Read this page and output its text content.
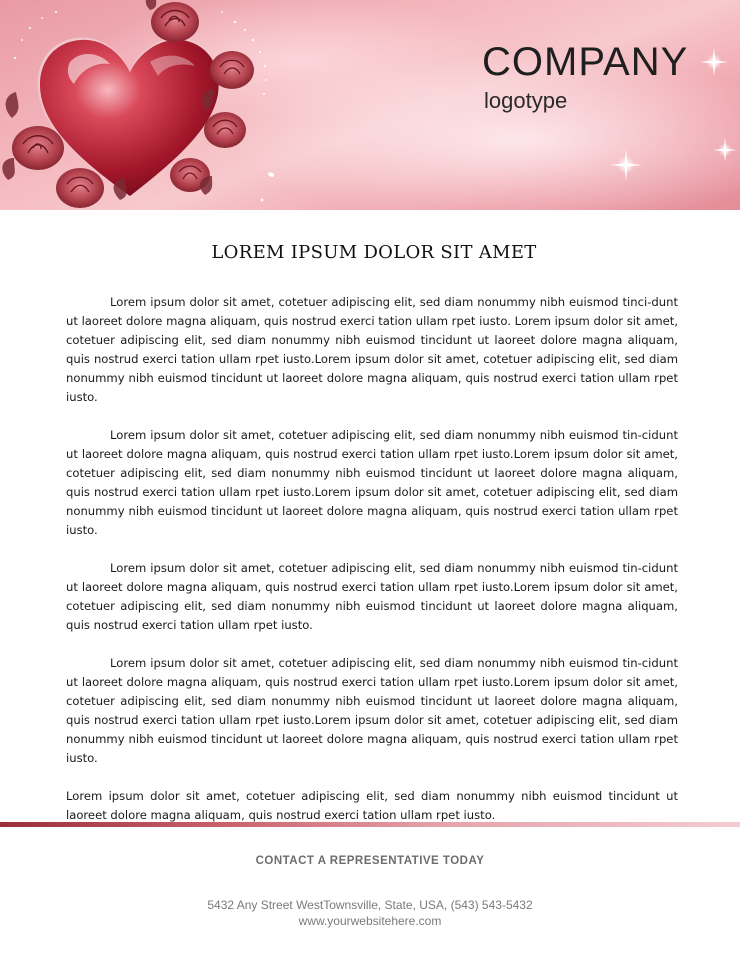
COMPANY
logotype
LOREM IPSUM DOLOR SIT AMET

Lorem ipsum dolor sit amet, cotetuer adipiscing elit, sed diam nonummy nibh euismod tinci-dunt ut laoreet dolore magna aliquam, quis nostrud exerci tation ullam rpet iusto. Lorem ipsum dolor sit amet, cotetuer adipiscing elit, sed diam nonummy nibh euismod tincidunt ut laoreet dolore magna aliquam, quis nostrud exerci tation ullam rpet iusto.Lorem ipsum dolor sit amet, cotetuer adipiscing elit, sed diam nonummy nibh euismod tincidunt ut laoreet dolore magna aliquam, quis nostrud exerci tation ullam rpet iusto.

Lorem ipsum dolor sit amet, cotetuer adipiscing elit, sed diam nonummy nibh euismod tin-cidunt ut laoreet dolore magna aliquam, quis nostrud exerci tation ullam rpet iusto.Lorem ipsum dolor sit amet, cotetuer adipiscing elit, sed diam nonummy nibh euismod tincidunt ut laoreet dolore magna aliquam, quis nostrud exerci tation ullam rpet iusto.Lorem ipsum dolor sit amet, cotetuer adipiscing elit, sed diam nonummy nibh euismod tincidunt ut laoreet dolore magna aliquam, quis nostrud exerci tation ullam rpet iusto.

Lorem ipsum dolor sit amet, cotetuer adipiscing elit, sed diam nonummy nibh euismod tin-cidunt ut laoreet dolore magna aliquam, quis nostrud exerci tation ullam rpet iusto.Lorem ipsum dolor sit amet, cotetuer adipiscing elit, sed diam nonummy nibh euismod tincidunt ut laoreet dolore magna aliquam, quis nostrud exerci tation ullam rpet iusto.

Lorem ipsum dolor sit amet, cotetuer adipiscing elit, sed diam nonummy nibh euismod tin-cidunt ut laoreet dolore magna aliquam, quis nostrud exerci tation ullam rpet iusto.Lorem ipsum dolor sit amet, cotetuer adipiscing elit, sed diam nonummy nibh euismod tincidunt ut laoreet dolore magna aliquam, quis nostrud exerci tation ullam rpet iusto.Lorem ipsum dolor sit amet, cotetuer adipiscing elit, sed diam nonummy nibh euismod tincidunt ut laoreet dolore magna aliquam, quis nostrud exerci tation ullam rpet iusto.

Lorem ipsum dolor sit amet, cotetuer adipiscing elit, sed diam nonummy nibh euismod tincidunt ut laoreet dolore magna aliquam, quis nostrud exerci tation ullam rpet iusto.

CONTACT A REPRESENTATIVE TODAY
5432 Any Street WestTownsville, State, USA, (543) 543-5432
www.yourwebsitehere.com
